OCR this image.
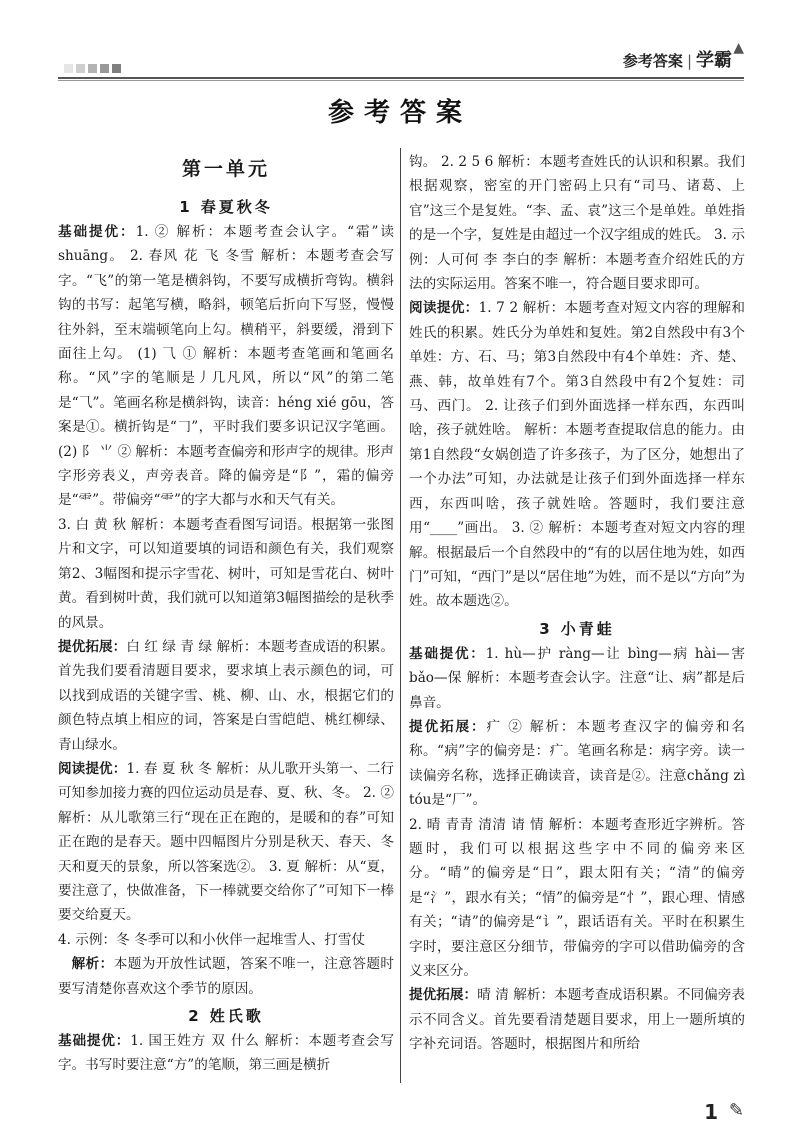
参考答案 | 学霸
▲
参考答案
第一单元
1 春夏秋冬

基础提优：1. ② 解析：本题考查会认字。“霜”读shuāng。 2. 春风 花 飞 冬雪 解析：本题考查会写字。“飞”的第一笔是横斜钩，不要写成横折弯钩。横斜钩的书写：起笔写横，略斜，顿笔后折向下写竖，慢慢往外斜，至末端顿笔向上勾。横稍平，斜要缓，滑到下面往上勾。 (1) ⺄ ① 解析：本题考查笔画和笔画名称。“风”字的笔顺是丿几凡风，所以“风”的第二笔是“⺄”。笔画名称是横斜钩，读音：héng xié gōu，答案是①。横折钩是“𠃌”，平时我们要多识记汉字笔画。 (2) 阝 ⺌ ② 解析：本题考查偏旁和形声字的规律。形声字形旁表义，声旁表音。降的偏旁是“阝”，霜的偏旁是“⻗”。带偏旁“⻗”的字大都与水和天气有关。

3. 白 黄 秋 解析：本题考查看图写词语。根据第一张图片和文字，可以知道要填的词语和颜色有关，我们观察第2、3幅图和提示字雪花、树叶，可知是雪花白、树叶黄。看到树叶黄，我们就可以知道第3幅图描绘的是秋季的风景。

提优拓展：白 红 绿 青 绿 解析：本题考查成语的积累。首先我们要看清题目要求，要求填上表示颜色的词，可以找到成语的关键字雪、桃、柳、山、水，根据它们的颜色特点填上相应的词，答案是白雪皑皑、桃红柳绿、青山绿水。

阅读提优：1. 春 夏 秋 冬 解析：从儿歌开头第一、二行可知参加接力赛的四位运动员是春、夏、秋、冬。 2. ② 解析：从儿歌第三行“现在正在跑的，是暖和的春”可知正在跑的是春天。题中四幅图片分别是秋天、春天、冬天和夏天的景象，所以答案选②。 3. 夏 解析：从“夏，要注意了，快做准备，下一棒就要交给你了”可知下一棒要交给夏天。

4. 示例：冬 冬季可以和小伙伴一起堆雪人、打雪仗

解析：本题为开放性试题，答案不唯一，注意答题时要写清楚你喜欢这个季节的原因。

2 姓氏歌

基础提优：1. 国王姓方 双 什么 解析：本题考查会写字。书写时要注意“方”的笔顺，第三画是横折

钩。 2. 2 5 6 解析：本题考查姓氏的认识和积累。我们根据观察，密室的开门密码上只有“司马、诸葛、上官”这三个是复姓。“李、孟、袁”这三个是单姓。单姓指的是一个字，复姓是由超过一个汉字组成的姓氏。 3. 示例：人可何 李 李白的李 解析：本题考查介绍姓氏的方法的实际运用。答案不唯一，符合题目要求即可。

阅读提优：1. 7 2 解析：本题考查对短文内容的理解和姓氏的积累。姓氏分为单姓和复姓。第2自然段中有3个单姓：方、石、马；第3自然段中有4个单姓：齐、楚、燕、韩，故单姓有7个。第3自然段中有2个复姓：司马、西门。 2. 让孩子们到外面选择一样东西，东西叫啥，孩子就姓啥。 解析：本题考查提取信息的能力。由第1自然段“女娲创造了许多孩子，为了区分，她想出了一个办法”可知，办法就是让孩子们到外面选择一样东西，东西叫啥，孩子就姓啥。答题时，我们要注意用“____”画出。 3. ② 解析：本题考查对短文内容的理解。根据最后一个自然段中的“有的以居住地为姓，如西门”可知，“西门”是以“居住地”为姓，而不是以“方向”为姓。故本题选②。

3 小青蛙

基础提优：1. hù—护 ràng—让 bìng—病 hài—害 bǎo—保 解析：本题考查会认字。注意“让、病”都是后鼻音。

提优拓展：疒 ② 解析：本题考查汉字的偏旁和名称。“病”字的偏旁是：疒。笔画名称是：病字旁。读一读偏旁名称，选择正确读音，读音是②。注意chǎng zì tóu是“厂”。

2. 晴 青青 清清 请 情 解析：本题考查形近字辨析。答题时，我们可以根据这些字中不同的偏旁来区分。“晴”的偏旁是“日”，跟太阳有关；“清”的偏旁是“氵”，跟水有关；“情”的偏旁是“忄”，跟心理、情感有关；“请”的偏旁是“讠”，跟话语有关。平时在积累生字时，要注意区分细节，带偏旁的字可以借助偏旁的含义来区分。

提优拓展：晴 清 解析：本题考查成语积累。不同偏旁表示不同含义。首先要看清楚题目要求，用上一题所填的字补充词语。答题时，根据图片和所给

1 ✎
